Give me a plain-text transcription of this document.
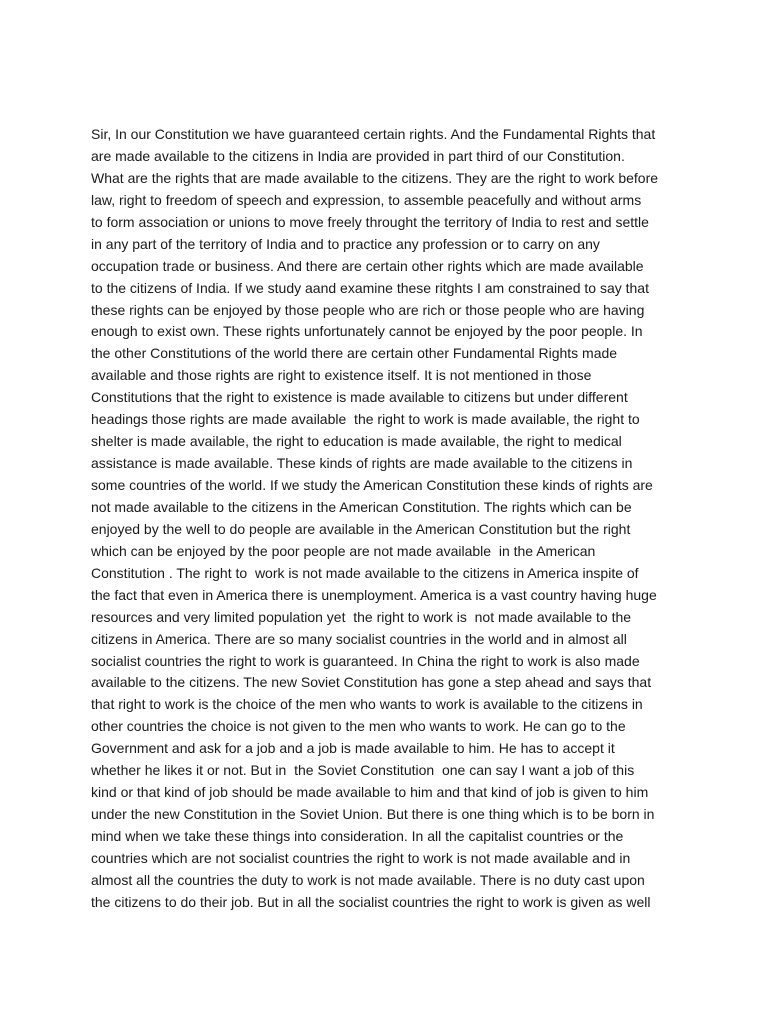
Sir, In our Constitution we have guaranteed certain rights. And the Fundamental Rights that
are made available to the citizens in India are provided in part third of our Constitution.
What are the rights that are made available to the citizens. They are the right to work before
law, right to freedom of speech and expression, to assemble peacefully and without arms
to form association or unions to move freely throught the territory of India to rest and settle
in any part of the territory of India and to practice any profession or to carry on any
occupation trade or business. And there are certain other rights which are made available
to the citizens of India. If we study aand examine these ritghts I am constrained to say that
these rights can be enjoyed by those people who are rich or those people who are having
enough to exist own. These rights unfortunately cannot be enjoyed by the poor people. In
the other Constitutions of the world there are certain other Fundamental Rights made
available and those rights are right to existence itself. It is not mentioned in those
Constitutions that the right to existence is made available to citizens but under different
headings those rights are made available  the right to work is made available, the right to
shelter is made available, the right to education is made available, the right to medical
assistance is made available. These kinds of rights are made available to the citizens in
some countries of the world. If we study the American Constitution these kinds of rights are
not made available to the citizens in the American Constitution. The rights which can be
enjoyed by the well to do people are available in the American Constitution but the right
which can be enjoyed by the poor people are not made available  in the American
Constitution . The right to  work is not made available to the citizens in America inspite of
the fact that even in America there is unemployment. America is a vast country having huge
resources and very limited population yet  the right to work is  not made available to the
citizens in America. There are so many socialist countries in the world and in almost all
socialist countries the right to work is guaranteed. In China the right to work is also made
available to the citizens. The new Soviet Constitution has gone a step ahead and says that
that right to work is the choice of the men who wants to work is available to the citizens in
other countries the choice is not given to the men who wants to work. He can go to the
Government and ask for a job and a job is made available to him. He has to accept it
whether he likes it or not. But in  the Soviet Constitution  one can say I want a job of this
kind or that kind of job should be made available to him and that kind of job is given to him
under the new Constitution in the Soviet Union. But there is one thing which is to be born in
mind when we take these things into consideration. In all the capitalist countries or the
countries which are not socialist countries the right to work is not made available and in
almost all the countries the duty to work is not made available. There is no duty cast upon
the citizens to do their job. But in all the socialist countries the right to work is given as well
